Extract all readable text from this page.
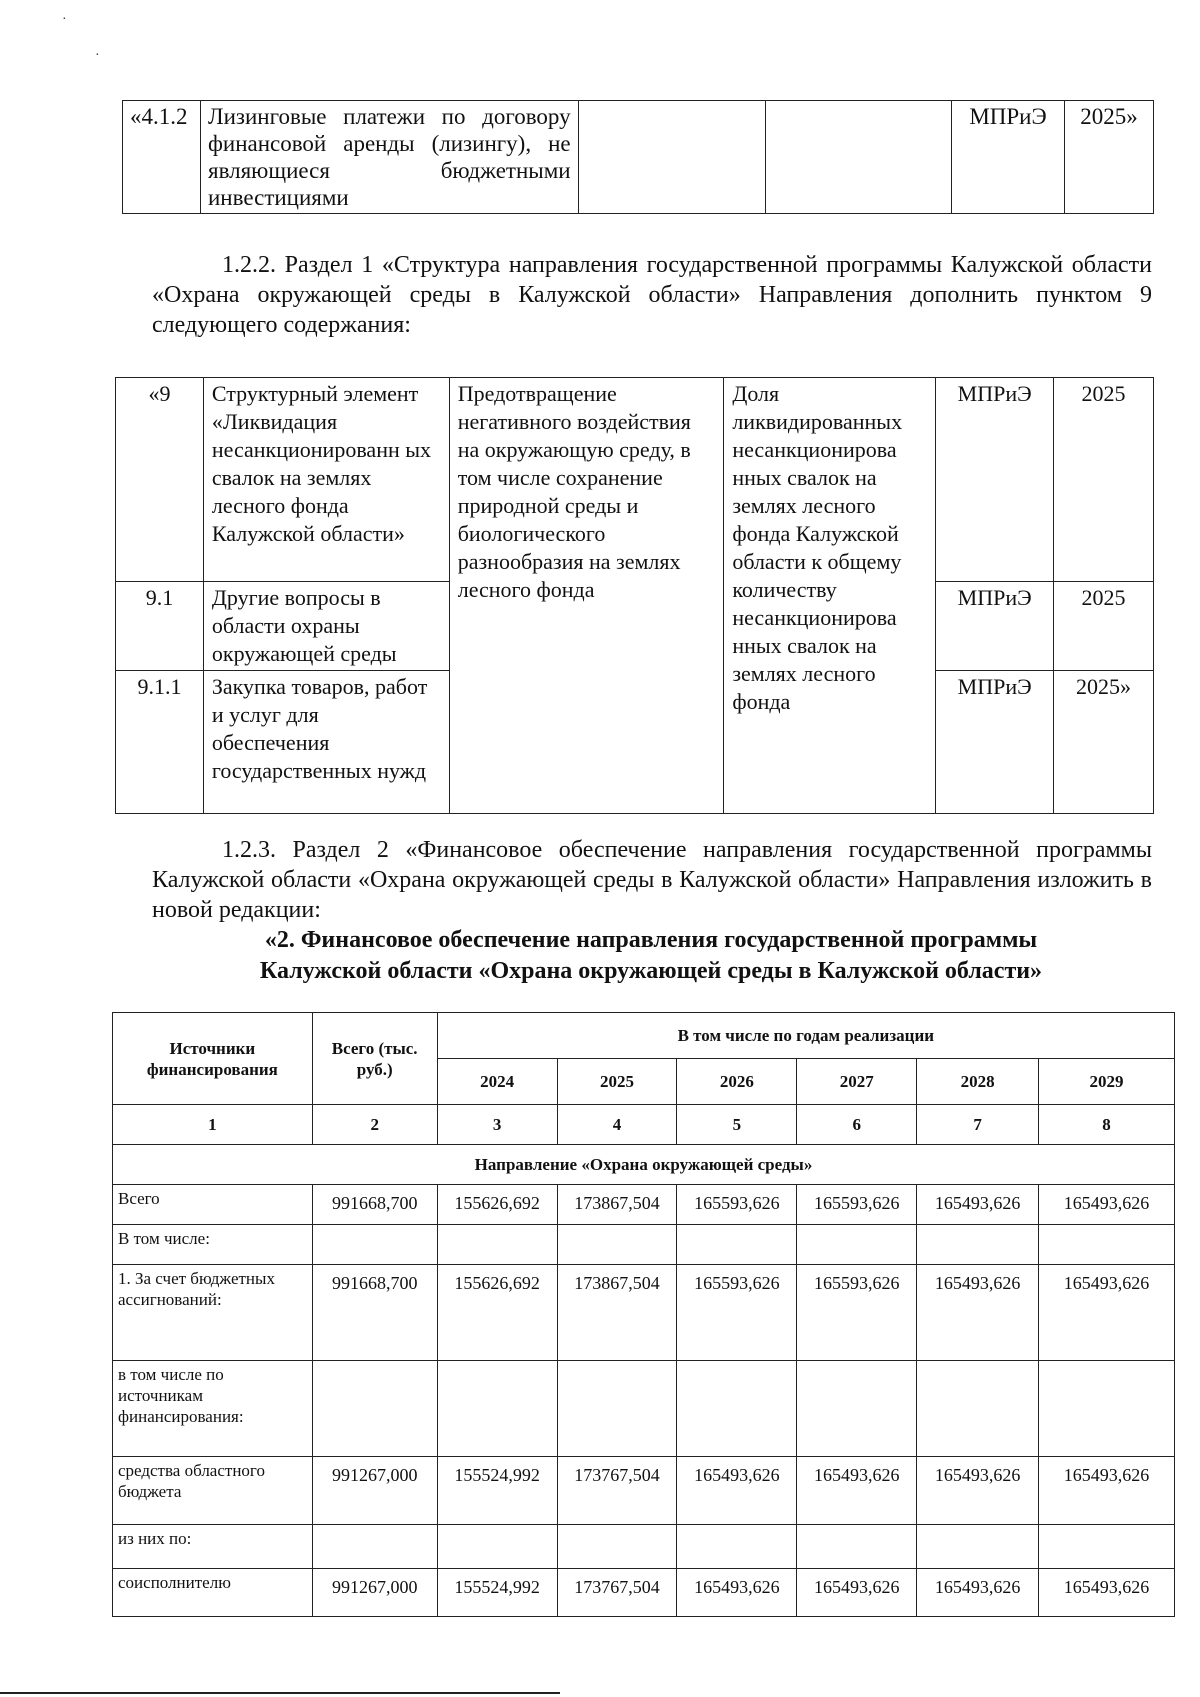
·
·
«4.1.2	Лизинговые платежи по договору финансовой аренды (лизингу), не являющиеся бюджетными инвестициями			МПРиЭ	2025»
1.2.2. Раздел 1 «Структура направления государственной программы Калужской области «Охрана окружающей среды в Калужской области» Направления дополнить пунктом 9 следующего содержания:
«9	Структурный элемент «Ликвидация несанкционированн ых свалок на землях лесного фонда Калужской области»	Предотвращение негативного воздействия на окружающую среду, в том числе сохранение природной среды и биологического разнообразия на землях лесного фонда	Доля ликвидированных несанкционирова нных свалок на землях лесного фонда Калужской области к общему количеству несанкционирова нных свалок на землях лесного фонда	МПРиЭ	2025
9.1	Другие вопросы в области охраны окружающей среды			МПРиЭ	2025
9.1.1	Закупка товаров, работ и услуг для обеспечения государственных нужд			МПРиЭ	2025»
1.2.3. Раздел 2 «Финансовое обеспечение направления государственной программы Калужской области «Охрана окружающей среды в Калужской области» Направления изложить в новой редакции:
«2. Финансовое обеспечение направления государственной программы
Калужской области «Охрана окружающей среды в Калужской области»
Источники финансирования	Всего (тыс. руб.)	В том числе по годам реализации					
		2024	2025	2026	2027	2028	2029
1	2	3	4	5	6	7	8
Направление «Охрана окружающей среды»							
Всего	991668,700	155626,692	173867,504	165593,626	165593,626	165493,626	165493,626
В том числе:							
1. За счет бюджетных ассигнований:	991668,700	155626,692	173867,504	165593,626	165593,626	165493,626	165493,626
в том числе по источникам финансирования:							
средства областного бюджета	991267,000	155524,992	173767,504	165493,626	165493,626	165493,626	165493,626
из них по:							
соисполнителю	991267,000	155524,992	173767,504	165493,626	165493,626	165493,626	165493,626
